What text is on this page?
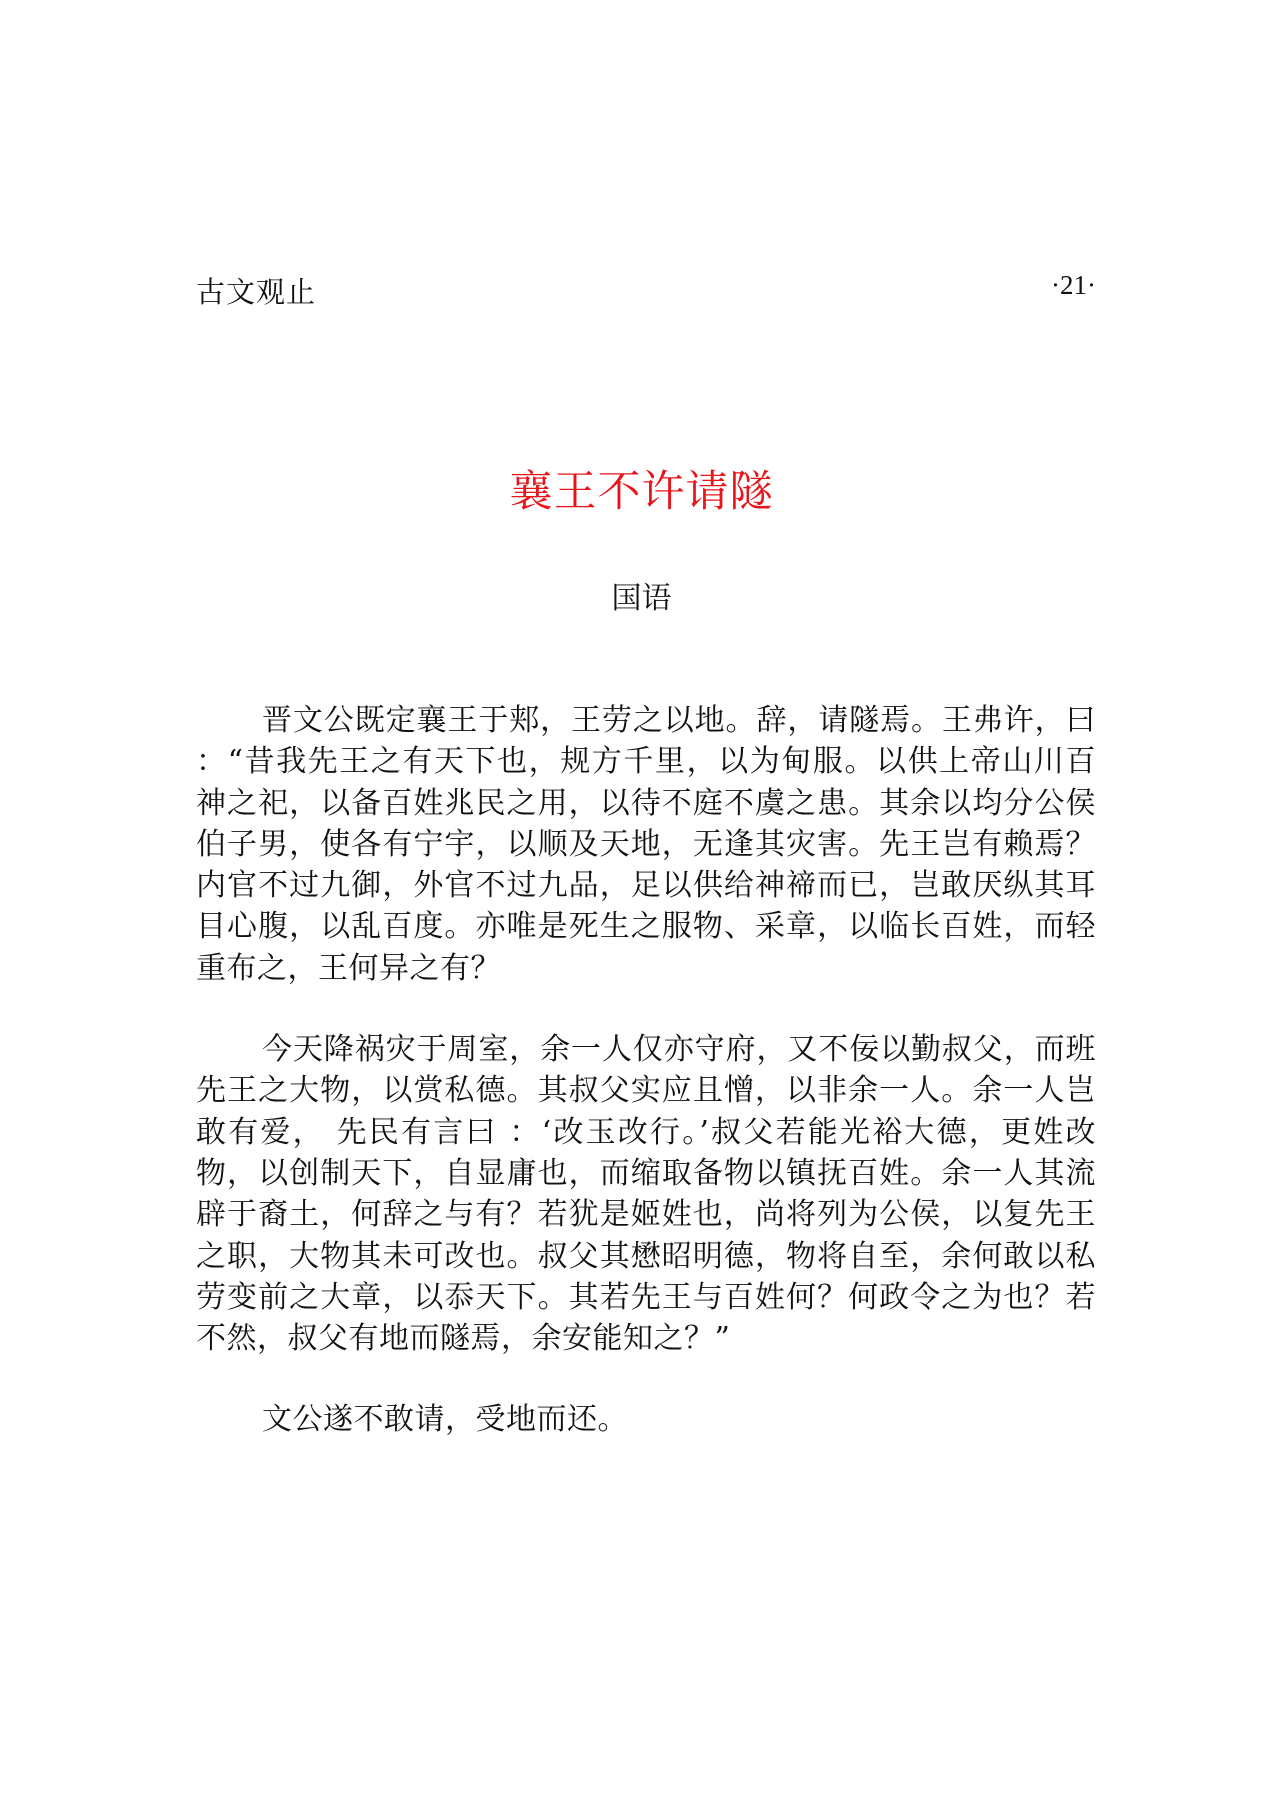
古文观止	·21·
襄王不许请隧
国语

晋文公既定襄王于郏，王劳之以地。辞，请隧焉。王弗许，曰 ：“昔我先王之有天下也，规方千里，以为甸服。以供上帝山川百神之祀，以备百姓兆民之用，以待不庭不虞之患。其余以均分公侯伯子男，使各有宁宇，以顺及天地，无逢其灾害。先王岂有赖焉？内官不过九御，外官不过九品，足以供给神禘而已，岂敢厌纵其耳目心腹，以乱百度。亦唯是死生之服物、采章，以临长百姓，而轻重布之，王何异之有？

今天降祸灾于周室，余一人仅亦守府，又不佞以勤叔父，而班先王之大物，以赏私德。其叔父实应且憎，以非余一人。余一人岂敢有爱， 先民有言曰 ：‘改玉改行。’叔父若能光裕大德，更姓改物，以创制天下，自显庸也，而缩取备物以镇抚百姓。余一人其流辟于裔土，何辞之与有？若犹是姬姓也，尚将列为公侯，以复先王之职，大物其未可改也。叔父其懋昭明德，物将自至，余何敢以私劳变前之大章，以忝天下。其若先王与百姓何？何政令之为也？若不然，叔父有地而隧焉，余安能知之？”

文公遂不敢请，受地而还。
